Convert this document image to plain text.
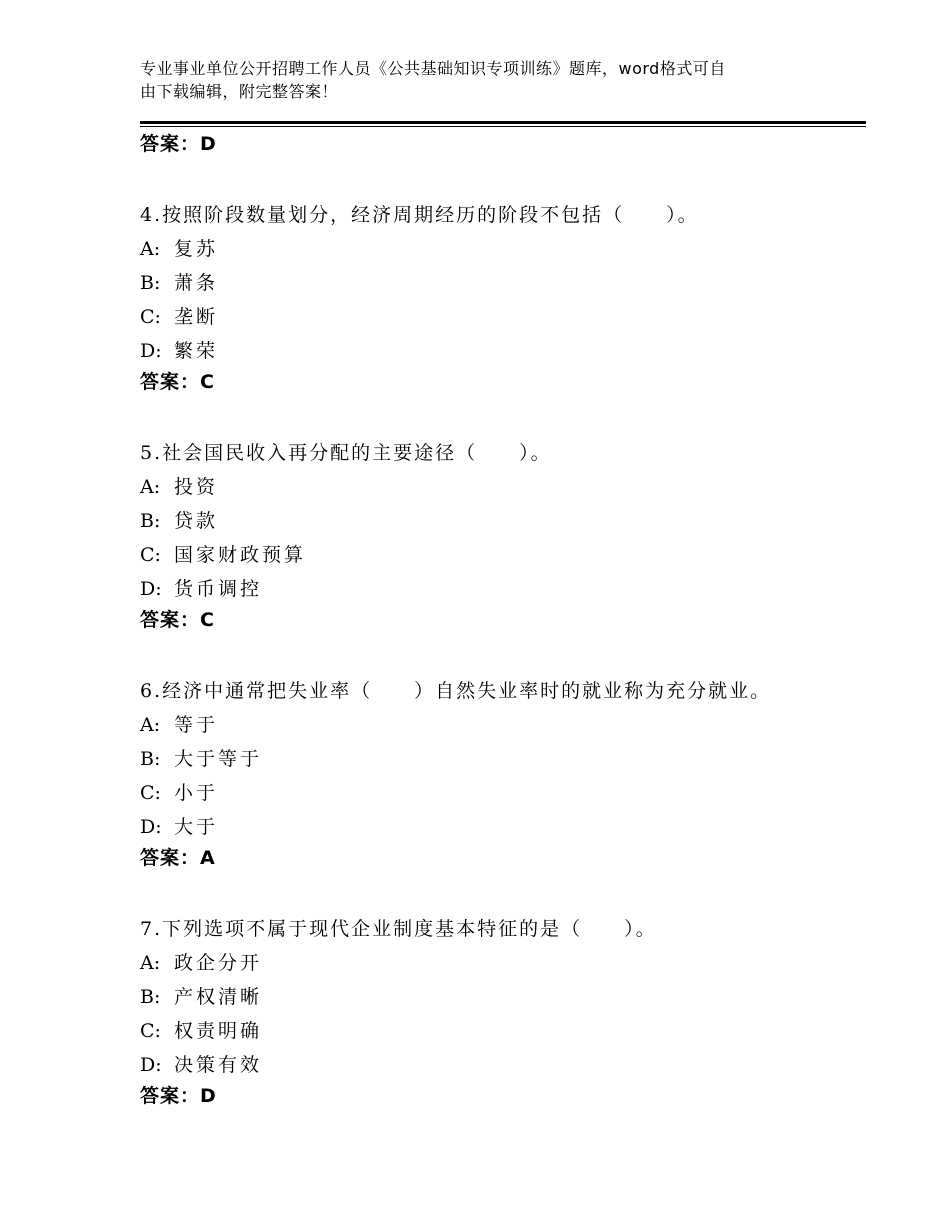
专业事业单位公开招聘工作人员《公共基础知识专项训练》题库，word格式可自
由下载编辑，附完整答案！
答案：D
4.按照阶段数量划分，经济周期经历的阶段不包括（　　）。
A: 复苏
B: 萧条
C: 垄断
D: 繁荣
答案：C
5.社会国民收入再分配的主要途径（　　）。
A: 投资
B: 贷款
C: 国家财政预算
D: 货币调控
答案：C
6.经济中通常把失业率（　　）自然失业率时的就业称为充分就业。
A: 等于
B: 大于等于
C: 小于
D: 大于
答案：A
7.下列选项不属于现代企业制度基本特征的是（　　）。
A: 政企分开
B: 产权清晰
C: 权责明确
D: 决策有效
答案：D
